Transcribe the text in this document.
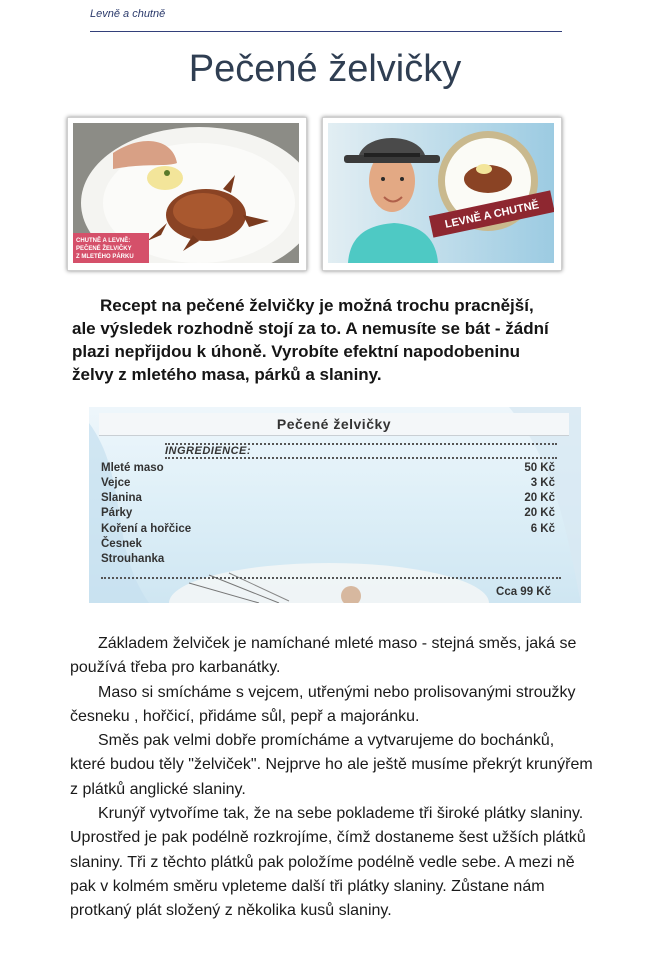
Levně a chutně
Pečené želvičky
CHUTNĚ A LEVNĚ:
PEČENÉ ŽELVIČKY
Z MLETÉHO PÁRKU
LEVNĚ A CHUTNĚ
Recept na pečené želvičky je možná trochu pracnější,
ale výsledek rozhodně stojí za to. A nemusíte se bát - žádní
plazi nepřijdou k úhoně. Vyrobíte efektní napodobeninu
želvy z mletého masa, párků a slaniny.
Pečené želvičky
INGREDIENCE:
Mleté maso	50 Kč
Vejce	3 Kč
Slanina	20 Kč
Párky	20 Kč
Koření a hořčice	6 Kč
Česnek
Strouhanka
Cca 99 Kč

Základem želviček je namíchané mleté maso - stejná směs, jaká se
používá třeba pro karbanátky.

Maso si smícháme s vejcem, utřenými nebo prolisovanými stroužky
česneku , hořčicí, přidáme sůl, pepř a majoránku.

Směs pak velmi dobře promícháme a vytvarujeme do bochánků,
které budou těly "želviček". Nejprve ho ale ještě musíme překrýt krunýřem
z plátků anglické slaniny.

Krunýř vytvoříme tak, že na sebe poklademe tři široké plátky slaniny.
Uprostřed je pak podélně rozkrojíme, čímž dostaneme šest užších plátků
slaniny. Tři z těchto plátků pak položíme podélně vedle sebe. A mezi ně
pak v kolmém směru vpleteme další tři plátky slaniny. Zůstane nám
protkaný plát složený z několika kusů slaniny.
